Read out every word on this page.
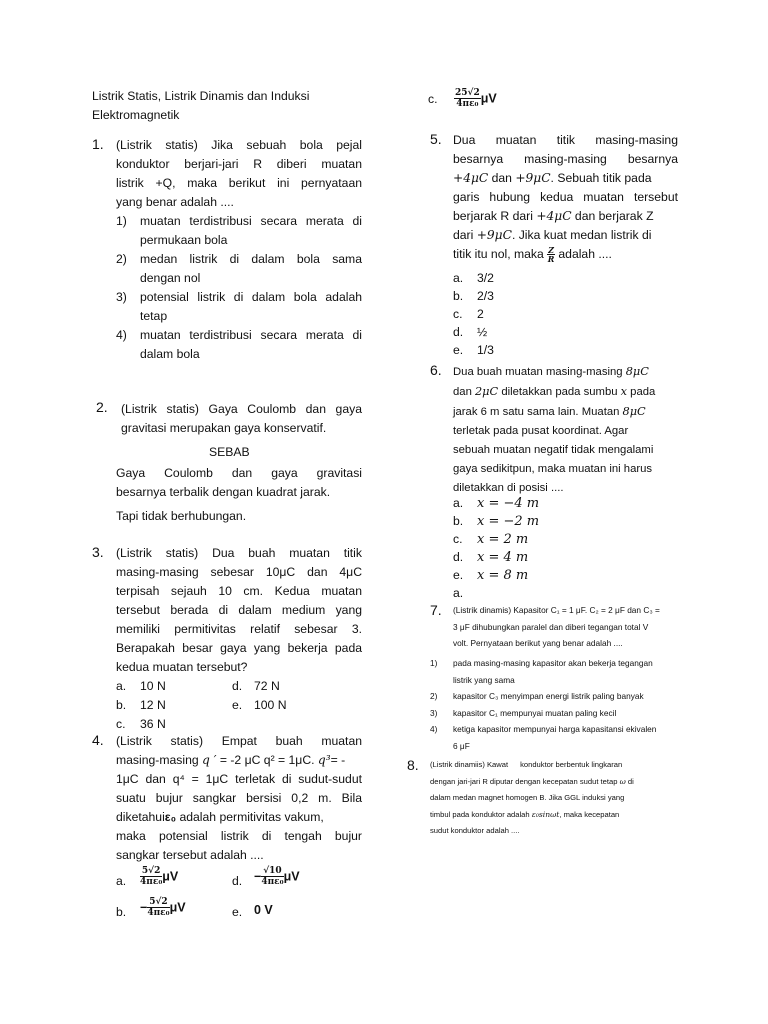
Listrik Statis, Listrik Dinamis dan Induksi
Elektromagnetik
1. (Listrik statis) Jika sebuah bola pejal
konduktor berjari-jari R diberi muatan
listrik +Q, maka berikut ini pernyataan
yang benar adalah ....
1) muatan terdistribusi secara merata di
permukaan bola
2) medan listrik di dalam bola sama
dengan nol
3) potensial listrik di dalam bola adalah
tetap
4) muatan terdistribusi secara merata di
dalam bola
2. (Listrik statis) Gaya Coulomb dan gaya
gravitasi merupakan gaya konservatif.
SEBAB
Gaya Coulomb dan gaya gravitasi
besarnya terbalik dengan kuadrat jarak.
Tapi tidak berhubungan.
3. (Listrik statis) Dua buah muatan titik
masing-masing sebesar 10μC dan 4μC
terpisah sejauh 10 cm. Kedua muatan
tersebut berada di dalam medium yang
memiliki permitivitas relatif sebesar 3.
Berapakah besar gaya yang bekerja pada
kedua muatan tersebut?
a. 10 N	d. 72 N
b. 12 N	e. 100 N
c. 36 N
4. (Listrik statis) Empat buah muatan
masing-masing q ′ = -2 μC q² = 1μC. q³= -
1μC dan q⁴ = 1μC terletak di sudut-sudut
suatu bujur sangkar bersisi 0,2 m. Bila
diketahuiε₀ adalah permitivitas vakum,
maka potensial listrik di tengah bujur
sangkar tersebut adalah ....
a. $\frac{5√2}{\text{4πε₀}}$ μV	d. − $\frac{√10}{\text{4πε₀}}$ μV
b. − $\frac{5√2}{\text{4πε₀}}$ μV	e. 0 V
c. $\frac{25√2}{\text{4πε₀}}$ μV
5. Dua muatan titik masing-masing
besarnya masing-masing besarnya
+4μC dan +9μC. Sebuah titik pada
garis hubung kedua muatan tersebut
berjarak R dari +4μC dan berjarak Z
dari +9μC. Jika kuat medan listrik di
titik itu nol, maka $\frac{Z}{R}$ adalah ....
a. 3/2
b. 2/3
c. 2
d. ½
e. 1/3
6. Dua buah muatan masing-masing 8μC
dan 2μC diletakkan pada sumbu x pada
jarak 6 m satu sama lain. Muatan 8μC
terletak pada pusat koordinat. Agar
sebuah muatan negatif tidak mengalami
gaya sedikitpun, maka muatan ini harus
diletakkan di posisi ....
a. x = −4 m
b. x = −2 m
c. x = 2 m
d. x = 4 m
e. x = 8 m
a.
7. (Listrik dinamis) Kapasitor C₁ = 1 μF. C₂ = 2 μF dan C₃ =
3 μF dihubungkan paralel dan diberi tegangan total V
volt. Pernyataan berikut yang benar adalah ....
1) pada masing-masing kapasitor akan bekerja tegangan
listrik yang sama
2) kapasitor C₃ menyimpan energi listrik paling banyak
3) kapasitor C₁ mempunyai muatan paling kecil
4) ketiga kapasitor mempunyai harga kapasitansi ekivalen
6 μF
8. (Listrik dinamiis) Kawat konduktor berbentuk lingkaran
dengan jari-jari R diputar dengan kecepatan sudut tetap ω di
dalam medan magnet homogen B. Jika GGL induksi yang
timbul pada konduktor adalah ε₀sinωt, maka kecepatan
sudut konduktor adalah ....
